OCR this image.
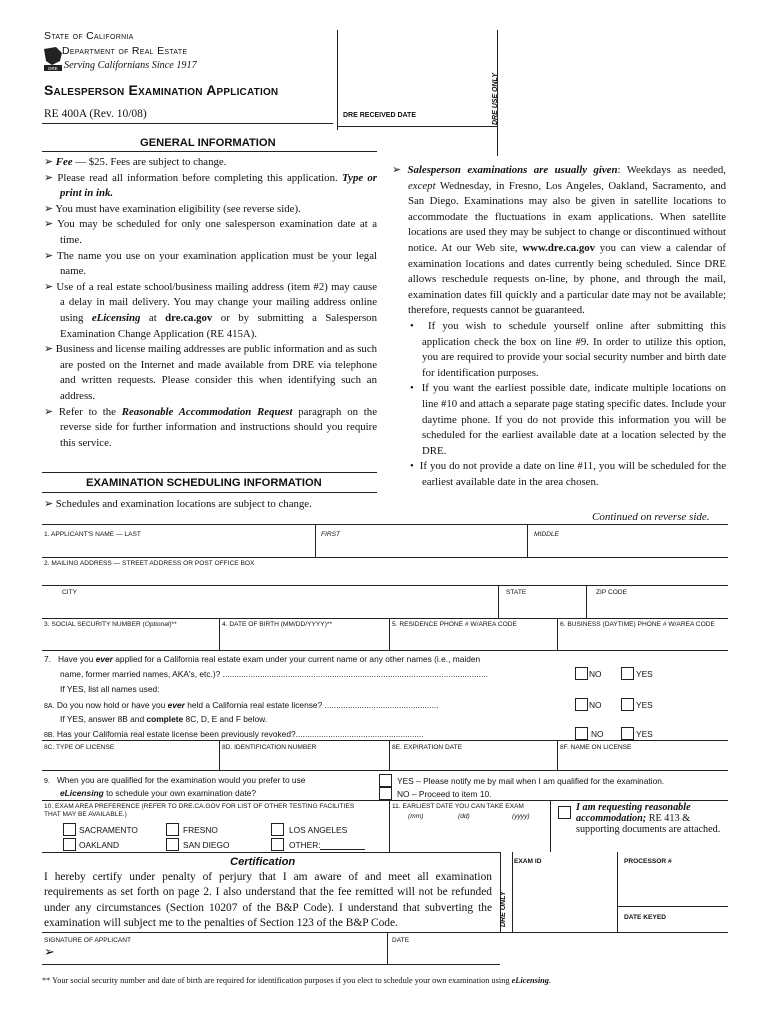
State of California
DRE
Department of Real Estate
Serving Californians Since 1917
Salesperson Examination Application
RE 400A (Rev. 10/08)	DRE RECEIVED DATE	DRE USE ONLY
GENERAL INFORMATION
➢ Fee — $25. Fees are subject to change.
➢ Please read all information before completing this application. Type or print in ink.
➢ You must have examination eligibility (see reverse side).
➢ You may be scheduled for only one salesperson examination date at a time.
➢ The name you use on your examination application must be your legal name.
➢ Use of a real estate school/business mailing address (item #2) may cause a delay in mail delivery. You may change your mailing address online using eLicensing at dre.ca.gov or by submitting a Salesperson Examination Change Application (RE 415A).
➢ Business and license mailing addresses are public information and as such are posted on the Internet and made available from DRE via telephone and written requests. Please consider this when identifying such an address.
➢ Refer to the Reasonable Accommodation Request paragraph on the reverse side for further information and instructions should you require this service.
EXAMINATION SCHEDULING INFORMATION
➢ Schedules and examination locations are subject to change.
➢ Salesperson examinations are usually given: Weekdays as needed, except Wednesday, in Fresno, Los Angeles, Oakland, Sacramento, and San Diego. Examinations may also be given in satellite locations to accommodate the fluctuations in exam applications. When satellite locations are used they may be subject to change or discontinued without notice. At our Web site, www.dre.ca.gov you can view a calendar of examination locations and dates currently being scheduled. Since DRE allows reschedule requests on-line, by phone, and through the mail, examination dates fill quickly and a particular date may not be available; therefore, requests cannot be guaranteed.
•  If you wish to schedule yourself online after submitting this application check the box on line #9. In order to utilize this option, you are required to provide your social security number and birth date for identification purposes.
•  If you want the earliest possible date, indicate multiple locations on line #10 and attach a separate page stating specific dates. Include your daytime phone. If you do not provide this information you will be scheduled for the earliest available date at a location selected by the DRE.
•  If you do not provide a date on line #11, you will be scheduled for the earliest available date in the area chosen.
Continued on reverse side.
1. APPLICANT'S NAME — LAST	FIRST	MIDDLE
2. MAILING ADDRESS — STREET ADDRESS OR POST OFFICE BOX
CITY	STATE	ZIP CODE
3. SOCIAL SECURITY NUMBER (Optional)**	4. DATE OF BIRTH (MM/DD/YYYY)**	5. RESIDENCE PHONE # W/AREA CODE	6. BUSINESS (DAYTIME) PHONE # W/AREA CODE
7.   Have you ever applied for a California real estate exam under your current name or any other names (i.e., maiden
name, former married names, AKA's, etc.)? ..................................................................................................................	NO	YES
If YES, list all names used:
8A. Do you now hold or have you ever held a California real estate license? .................................................	NO	YES
If YES, answer 8B and complete 8C, D, E and F below.
8B. Has your California real estate license been previously revoked?.......................................................	NO	YES
8C. TYPE OF LICENSE	8D. IDENTIFICATION NUMBER	8E. EXPIRATION DATE	8F. NAME ON LICENSE
9. When you are qualified for the examination would you prefer to use
eLicensing to schedule your own examination date?
YES – Please notify me by mail when I am qualified for the examination.
NO – Proceed to item 10.
10. EXAM AREA PREFERENCE (REFER TO DRE.CA.GOV FOR LIST OF OTHER TESTING FACILITIES THAT MAY BE AVAILABLE.)
SACRAMENTO	FRESNO	LOS ANGELES
OAKLAND	SAN DIEGO	OTHER:
11. EARLIEST DATE YOU CAN TAKE EXAM
(mm)	(dd)	(yyyy)
I am requesting reasonable accommodation; RE 413 & supporting documents are attached.
Certification
I hereby certify under penalty of perjury that I am aware of and meet all examination requirements as set forth on page 2. I also understand that the fee remitted will not be refunded under any circumstances (Section 10207 of the B&P Code). I understand that subverting the examination will subject me to the penalties of Section 123 of the B&P Code.
SIGNATURE OF APPLICANT
➢
DATE
DRE ONLY
EXAM ID	PROCESSOR #
DATE KEYED
** Your social security number and date of birth are required for identification purposes if you elect to schedule your own examination using eLicensing.
